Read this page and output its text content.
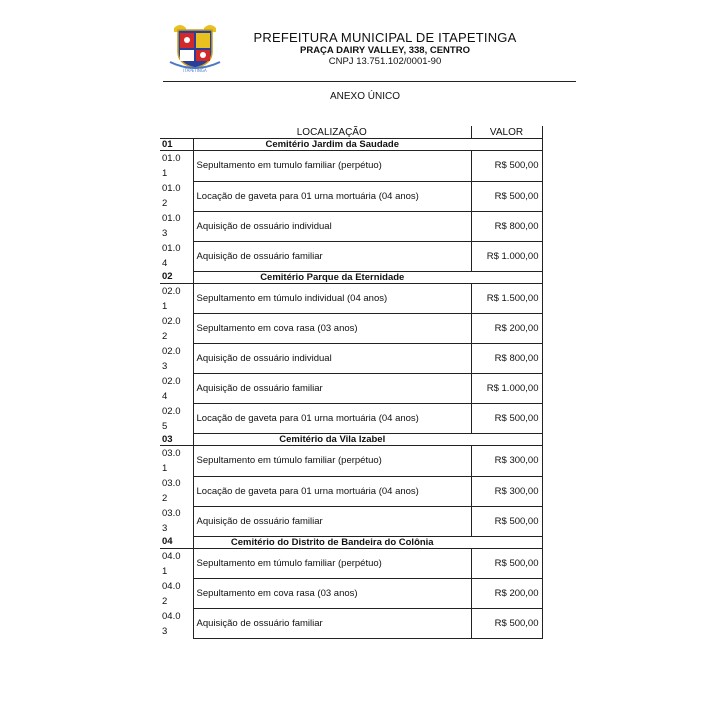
ITAPETINGA
PREFEITURA MUNICIPAL DE ITAPETINGA
PRAÇA DAIRY VALLEY, 338, CENTRO
CNPJ 13.751.102/0001-90
ANEXO ÚNICO
	LOCALIZAÇÃO	VALOR
01	Cemitério Jardim da Saudade	

01.0 1	Sepultamento em tumulo familiar (perpétuo)	R$ 500,00

01.0 2	Locação de gaveta para 01 urna mortuária (04 anos)	R$ 500,00

01.0 3	Aquisição de ossuário individual	R$ 800,00

01.0 4	Aquisição de ossuário familiar	R$ 1.000,00
02	Cemitério Parque da Eternidade	

02.0 1	Sepultamento em túmulo individual (04 anos)	R$ 1.500,00

02.0 2	Sepultamento em cova rasa (03 anos)	R$ 200,00

02.0 3	Aquisição de ossuário individual	R$ 800,00

02.0 4	Aquisição de ossuário familiar	R$ 1.000,00

02.0 5	Locação de gaveta para 01 urna mortuária (04 anos)	R$ 500,00
03	Cemitério da Vila Izabel	

03.0 1	Sepultamento em túmulo familiar (perpétuo)	R$ 300,00

03.0 2	Locação de gaveta para 01 urna mortuária (04 anos)	R$ 300,00

03.0 3	Aquisição de ossuário familiar	R$ 500,00
04	Cemitério do Distrito de Bandeira do Colônia	

04.0 1	Sepultamento em túmulo familiar (perpétuo)	R$ 500,00

04.0 2	Sepultamento em cova rasa (03 anos)	R$ 200,00

04.0 3	Aquisição de ossuário familiar	R$ 500,00
